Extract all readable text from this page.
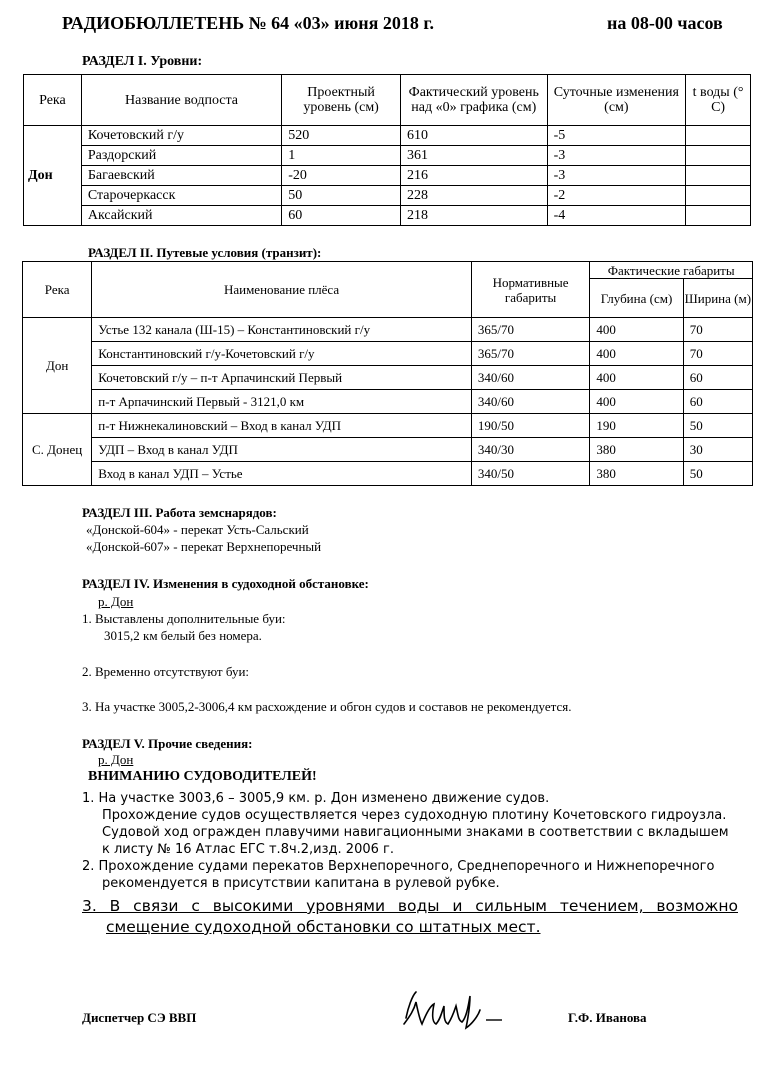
РАДИОБЮЛЛЕТЕНЬ № 64 «03» июня 2018 г.	на 08-00 часов
РАЗДЕЛ I. Уровни:
Река	Название водпоста	Проектный уровень (см)	Фактический уровень над «0» графика (см)	Суточные изменения (см)	t воды (° С)
Дон	Кочетовский г/у	520	610	-5	
	Раздорский	1	361	-3	
	Багаевский	-20	216	-3	
	Старочеркасск	50	228	-2	
	Аксайский	60	218	-4	
РАЗДЕЛ II. Путевые условия (транзит):
Река	Наименование плёса	Нормативные габариты	Фактические габариты	
			Глубина (см)	Ширина (м)
Дон	Устье 132 канала (Ш-15) – Константиновский г/у	365/70	400	70
	Константиновский г/у-Кочетовский г/у	365/70	400	70
	Кочетовский г/у – п-т Арпачинский Первый	340/60	400	60
	п-т Арпачинский Первый - 3121,0 км	340/60	400	60
С. Донец	п-т Нижнекалиновский – Вход в канал УДП	190/50	190	50
	УДП – Вход в канал УДП	340/30	380	30
	Вход в канал УДП – Устье	340/50	380	50
РАЗДЕЛ III. Работа земснарядов:
«Донской-604» - перекат Усть-Сальский
«Донской-607» - перекат Верхнепоречный
РАЗДЕЛ IV. Изменения в судоходной обстановке:
р. Дон
1. Выставлены дополнительные буи:
3015,2 км белый без номера.
2. Временно отсутствуют буи:
3. На участке 3005,2-3006,4 км расхождение и обгон судов и составов не рекомендуется.
РАЗДЕЛ V. Прочие сведения:
р. Дон
ВНИМАНИЮ СУДОВОДИТЕЛЕЙ!
1. На участке 3003,6 – 3005,9 км. р. Дон изменено движение судов.
Прохождение судов осуществляется через судоходную плотину Кочетовского гидроузла.
Судовой ход огражден плавучими навигационными знаками в соответствии с вкладышем
к листу № 16 Атлас ЕГС т.8ч.2,изд. 2006 г.
2. Прохождение судами перекатов Верхнепоречного, Среднепоречного и Нижнепоречного
рекомендуется в присутствии капитана в рулевой рубке.
3. В связи с высокими уровнями воды и сильным течением, возможно
смещение судоходной обстановки со штатных мест.
Диспетчер СЭ ВВП	Г.Ф. Иванова
